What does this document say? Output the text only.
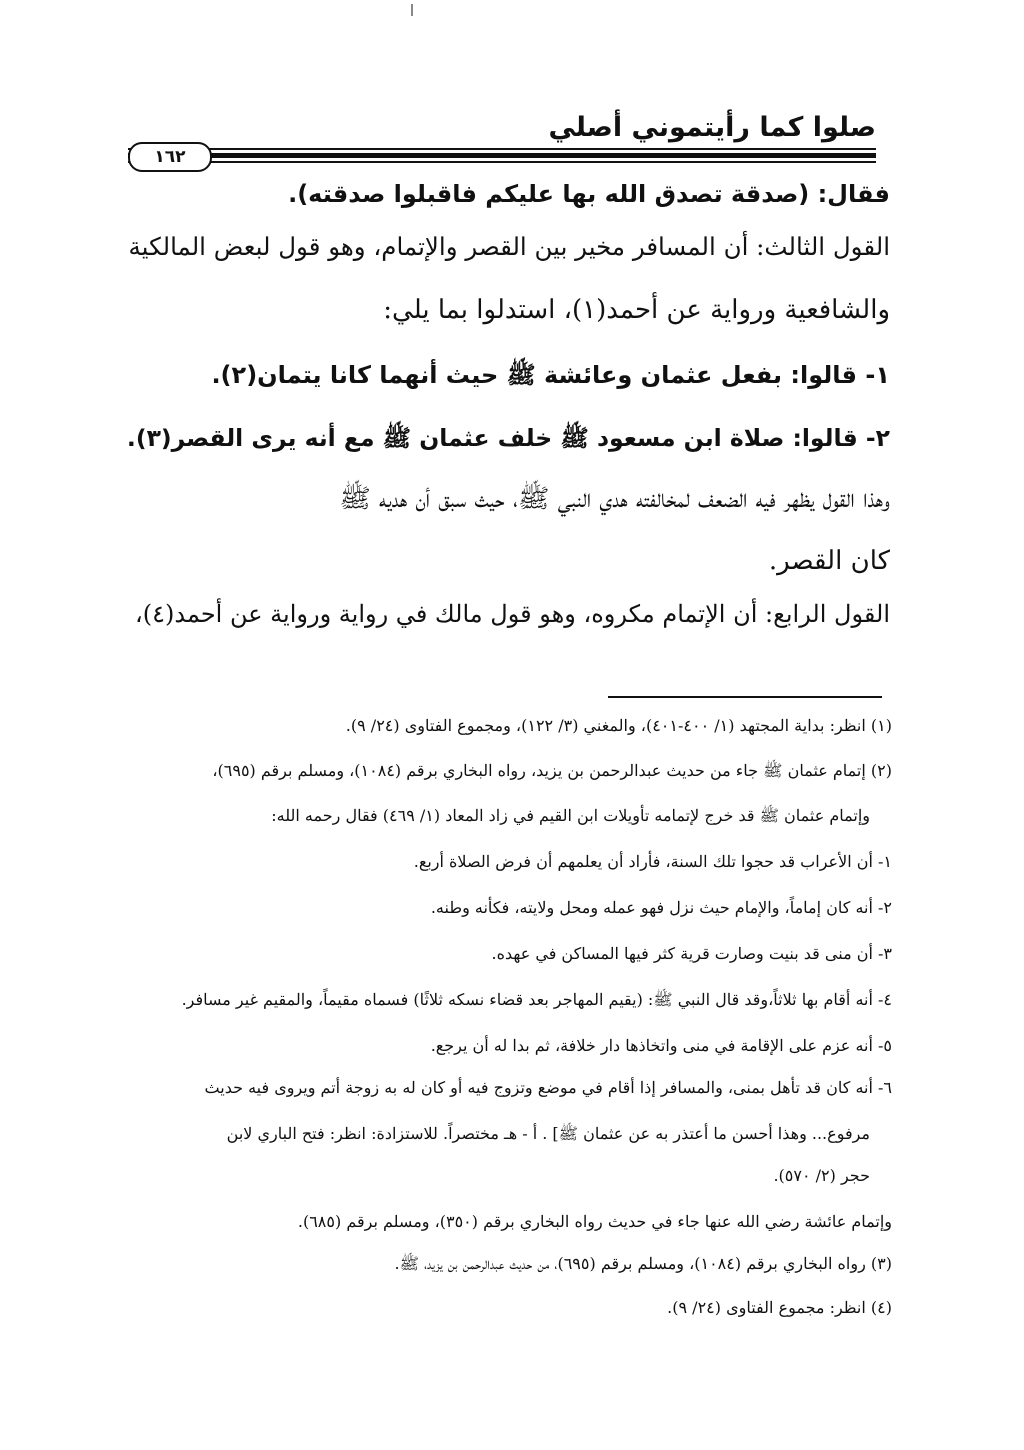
صلوا كما رأيتموني أصلي
١٦٢
فقال: (صدقة تصدق الله بها عليكم فاقبلوا صدقته).
القول الثالث: أن المسافر مخير بين القصر والإتمام، وهو قول لبعض المالكية
والشافعية ورواية عن أحمد(١)، استدلوا بما يلي:
١- قالوا: بفعل عثمان وعائشة ﷺ حيث أنهما كانا يتمان(٢).
٢- قالوا: صلاة ابن مسعود ﷺ خلف عثمان ﷺ مع أنه يرى القصر(٣).
وهذا القول يظهر فيه الضعف لمخالفته هدي النبي ﷺ، حيث سبق أن هديه ﷺ
كان القصر.
القول الرابع: أن الإتمام مكروه، وهو قول مالك في رواية ورواية عن أحمد(٤)،
(١) انظر: بداية المجتهد (١/ ٤٠٠-٤٠١)، والمغني (٣/ ١٢٢)، ومجموع الفتاوى (٢٤/ ٩).
(٢) إتمام عثمان ﷺ جاء من حديث عبدالرحمن بن يزيد، رواه البخاري برقم (١٠٨٤)، ومسلم برقم (٦٩٥)،
وإتمام عثمان ﷺ قد خرج لإتمامه تأويلات ابن القيم في زاد المعاد (١/ ٤٦٩) فقال رحمه الله:
١- أن الأعراب قد حجوا تلك السنة، فأراد أن يعلمهم أن فرض الصلاة أربع.
٢- أنه كان إماماً، والإمام حيث نزل فهو عمله ومحل ولايته، فكأنه وطنه.
٣- أن منى قد بنيت وصارت قرية كثر فيها المساكن في عهده.
٤- أنه أقام بها ثلاثاً،وقد قال النبي ﷺ: (يقيم المهاجر بعد قضاء نسكه ثلاثًا) فسماه مقيماً، والمقيم غير مسافر.
٥- أنه عزم على الإقامة في منى واتخاذها دار خلافة، ثم بدا له أن يرجع.
٦- أنه كان قد تأهل بمنى، والمسافر إذا أقام في موضع وتزوج فيه أو كان له به زوجة أتم ويروى فيه حديث
مرفوع... وهذا أحسن ما أعتذر به عن عثمان ﷺ] . أ - هـ مختصراً. للاستزادة: انظر: فتح الباري لابن
حجر (٢/ ٥٧٠).
وإتمام عائشة رضي الله عنها جاء في حديث رواه البخاري برقم (٣٥٠)، ومسلم برقم (٦٨٥).
(٣) رواه البخاري برقم (١٠٨٤)، ومسلم برقم (٦٩٥)، من حديث عبدالرحمن بن يزيد، ﷺ.
(٤) انظر: مجموع الفتاوى (٢٤/ ٩).
